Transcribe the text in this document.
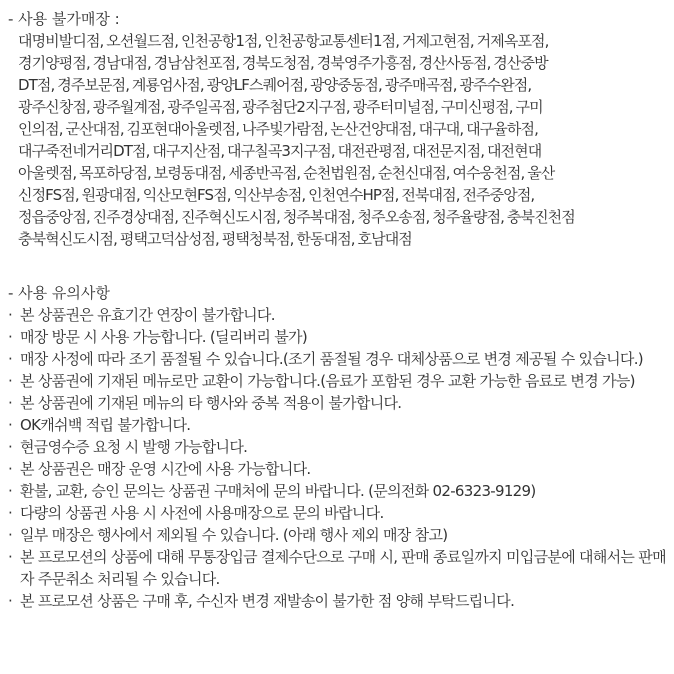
- 사용 불가매장 :
대명비발디점, 오션월드점, 인천공항1점, 인천공항교통센터1점, 거제고현점, 거제옥포점,
경기양평점, 경남대점, 경남삼천포점, 경북도청점, 경북영주가흥점, 경산사동점, 경산중방
DT점, 경주보문점, 계룡엄사점, 광양LF스퀘어점, 광양중동점, 광주매곡점, 광주수완점,
광주신창점, 광주월계점, 광주일곡점, 광주첨단2지구점, 광주터미널점, 구미신평점, 구미
인의점, 군산대점, 김포현대아울렛점, 나주빛가람점, 논산건양대점, 대구대, 대구율하점,
대구죽전네거리DT점, 대구지산점, 대구칠곡3지구점, 대전관평점, 대전문지점, 대전현대
아울렛점, 목포하당점, 보령동대점, 세종반곡점, 순천법원점, 순천신대점, 여수웅천점, 울산
신정FS점, 원광대점, 익산모현FS점, 익산부송점, 인천연수HP점, 전북대점, 전주중앙점,
정읍중앙점, 진주경상대점, 진주혁신도시점, 청주복대점, 청주오송점, 청주율량점, 충북진천점
충북혁신도시점, 평택고덕삼성점, 평택청북점, 한동대점, 호남대점
- 사용 유의사항
· 본 상품권은 유효기간 연장이 불가합니다.
· 매장 방문 시 사용 가능합니다. (딜리버리 불가)
· 매장 사정에 따라 조기 품절될 수 있습니다.(조기 품절될 경우 대체상품으로 변경 제공될 수 있습니다.)
· 본 상품권에 기재된 메뉴로만 교환이 가능합니다.(음료가 포함된 경우 교환 가능한 음료로 변경 가능)
· 본 상품권에 기재된 메뉴의 타 행사와 중복 적용이 불가합니다.
· OK캐쉬백 적립 불가합니다.
· 현금영수증 요청 시 발행 가능합니다.
· 본 상품권은 매장 운영 시간에 사용 가능합니다.
· 환불, 교환, 승인 문의는 상품권 구매처에 문의 바랍니다. (문의전화 02-6323-9129)
· 다량의 상품권 사용 시 사전에 사용매장으로 문의 바랍니다.
· 일부 매장은 행사에서 제외될 수 있습니다. (아래 행사 제외 매장 참고)
· 본 프로모션의 상품에 대해 무통장입금 결제수단으로 구매 시, 판매 종료일까지 미입금분에 대해서는 판매자 주문취소 처리될 수 있습니다.
· 본 프로모션 상품은 구매 후, 수신자 변경 재발송이 불가한 점 양해 부탁드립니다.
